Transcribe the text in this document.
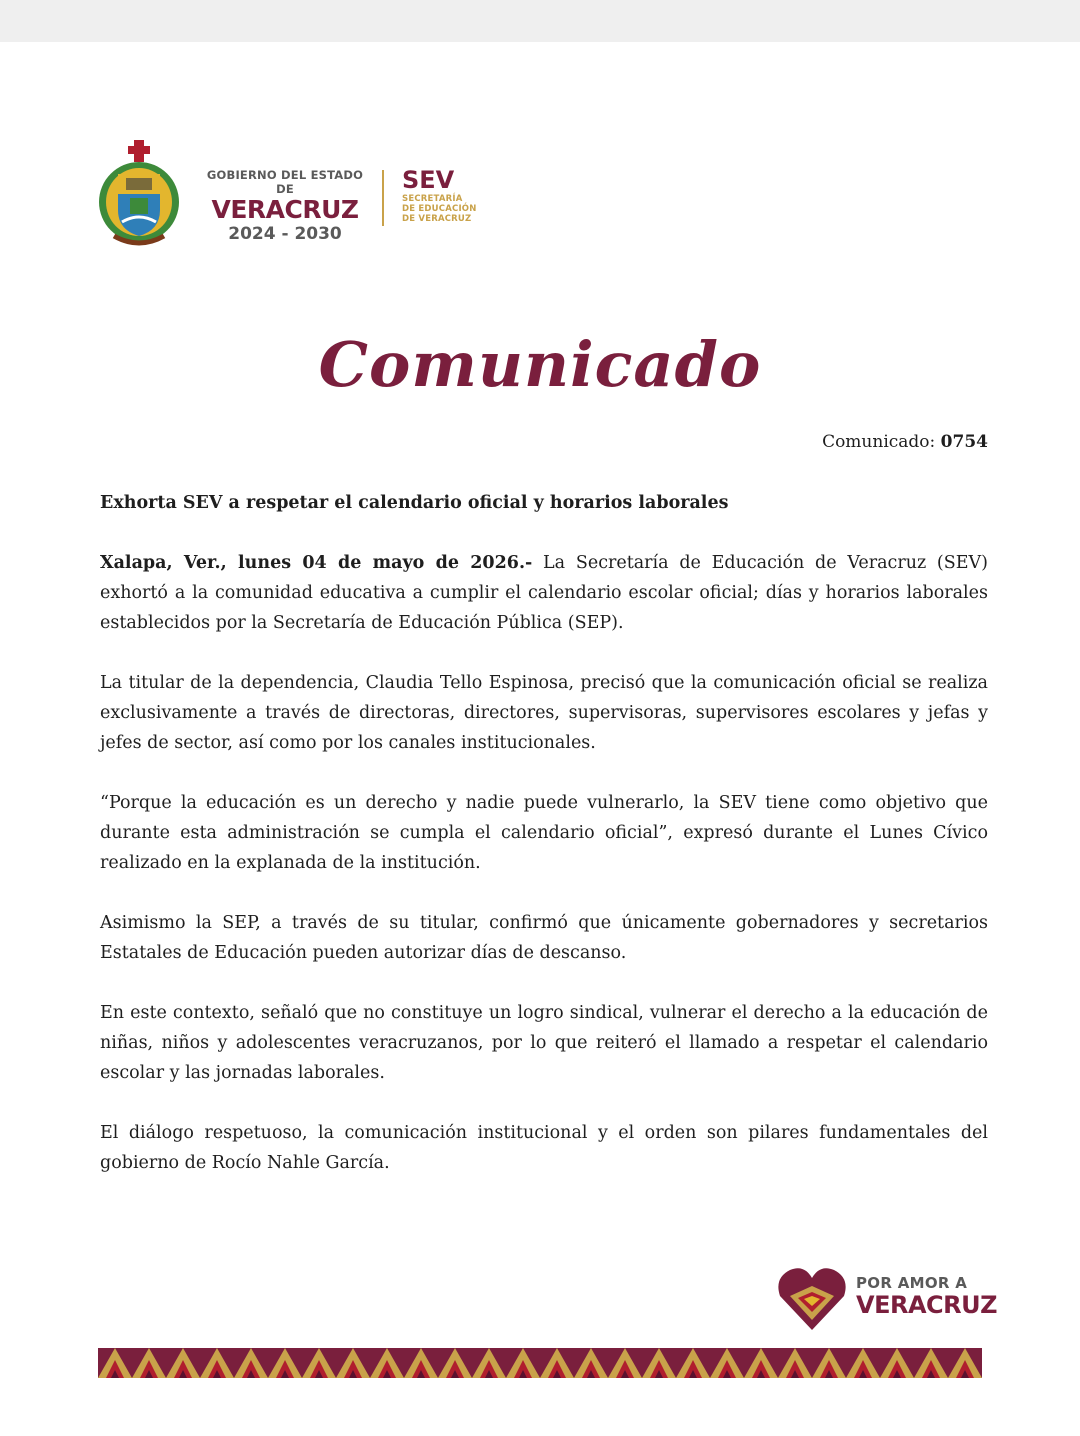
GOBIERNO DEL ESTADO DE
VERACRUZ
2024 - 2030
SEV
SECRETARÍA
DE EDUCACIÓN
DE VERACRUZ
Comunicado
Comunicado: 0754
Exhorta SEV a respetar el calendario oficial y horarios laborales

Xalapa, Ver., lunes 04 de mayo de 2026.- La Secretaría de Educación de Veracruz (SEV) exhortó a la comunidad educativa a cumplir el calendario escolar oficial; días y horarios laborales establecidos por la Secretaría de Educación Pública (SEP).

La titular de la dependencia, Claudia Tello Espinosa, precisó que la comunicación oficial se realiza exclusivamente a través de directoras, directores, supervisoras, supervisores escolares y jefas y jefes de sector, así como por los canales institucionales.

“Porque la educación es un derecho y nadie puede vulnerarlo, la SEV tiene como objetivo que durante esta administración se cumpla el calendario oficial”, expresó durante el Lunes Cívico realizado en la explanada de la institución.

Asimismo la SEP, a través de su titular, confirmó que únicamente gobernadores y secretarios Estatales de Educación pueden autorizar días de descanso.

En este contexto, señaló que no constituye un logro sindical, vulnerar el derecho a la educación de niñas, niños y adolescentes veracruzanos, por lo que reiteró el llamado a respetar el calendario escolar y las jornadas laborales.

El diálogo respetuoso, la comunicación institucional y el orden son pilares fundamentales del gobierno de Rocío Nahle García.

POR AMOR A
VERACRUZ
